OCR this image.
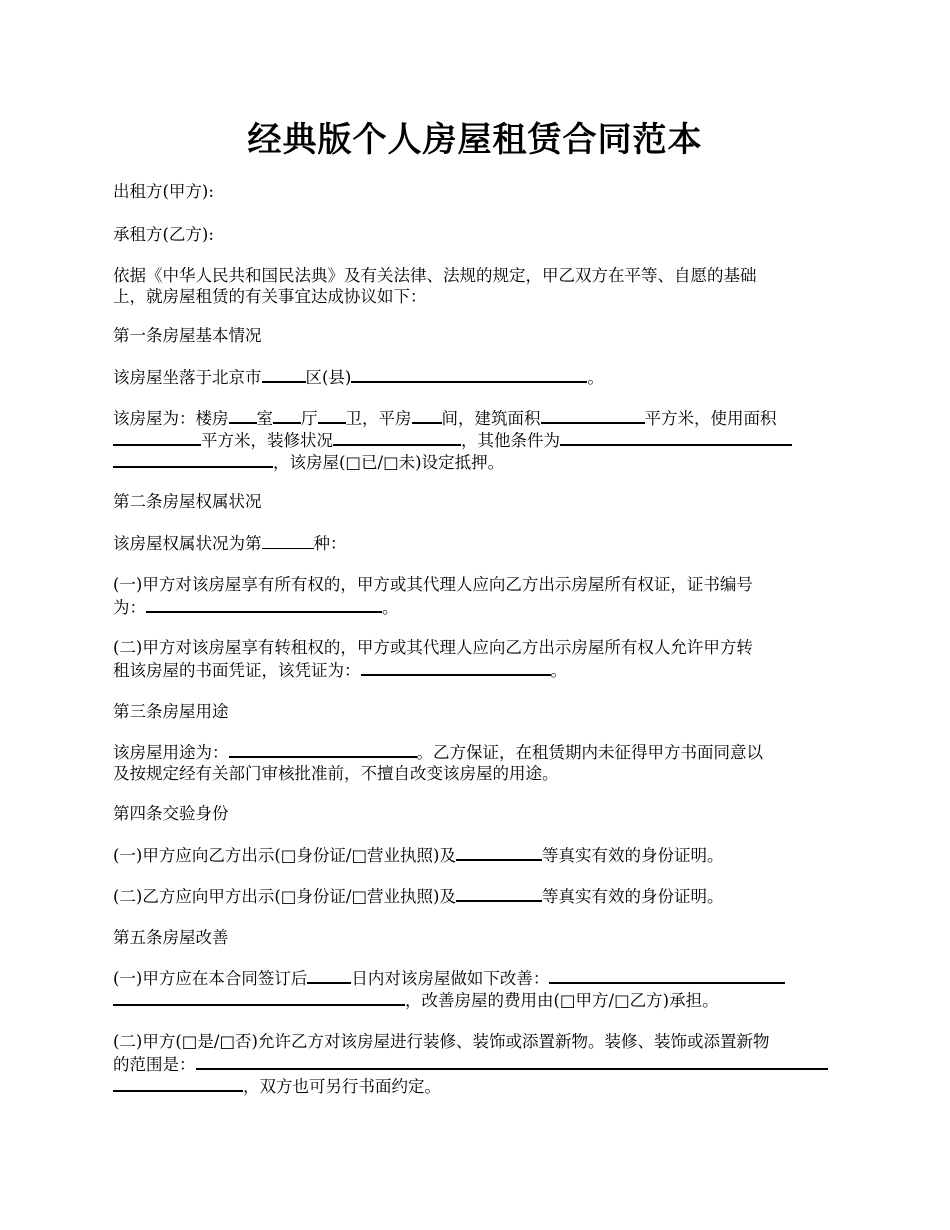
经典版个人房屋租赁合同范本
出租方(甲方):
承租方(乙方):
依据《中华人民共和国民法典》及有关法律、法规的规定，甲乙双方在平等、自愿的基础
上，就房屋租赁的有关事宜达成协议如下：
第一条房屋基本情况
该房屋坐落于北京市	区(县)	。
该房屋为：楼房 室 厅 卫，平房 间，建筑面积	平方米，使用面积
平方米，装修状况	，其他条件为
，该房屋(□已/□未)设定抵押。
第二条房屋权属状况
该房屋权属状况为第	种：
(一)甲方对该房屋享有所有权的，甲方或其代理人应向乙方出示房屋所有权证，证书编号
为：	。
(二)甲方对该房屋享有转租权的，甲方或其代理人应向乙方出示房屋所有权人允许甲方转
租该房屋的书面凭证，该凭证为：	。
第三条房屋用途
该房屋用途为：	。乙方保证，在租赁期内未征得甲方书面同意以
及按规定经有关部门审核批准前，不擅自改变该房屋的用途。
第四条交验身份
(一)甲方应向乙方出示(□身份证/□营业执照)及	等真实有效的身份证明。
(二)乙方应向甲方出示(□身份证/□营业执照)及	等真实有效的身份证明。
第五条房屋改善
(一)甲方应在本合同签订后	日内对该房屋做如下改善：
，改善房屋的费用由(□甲方/□乙方)承担。
(二)甲方(□是/□否)允许乙方对该房屋进行装修、装饰或添置新物。装修、装饰或添置新物
的范围是：
，双方也可另行书面约定。
